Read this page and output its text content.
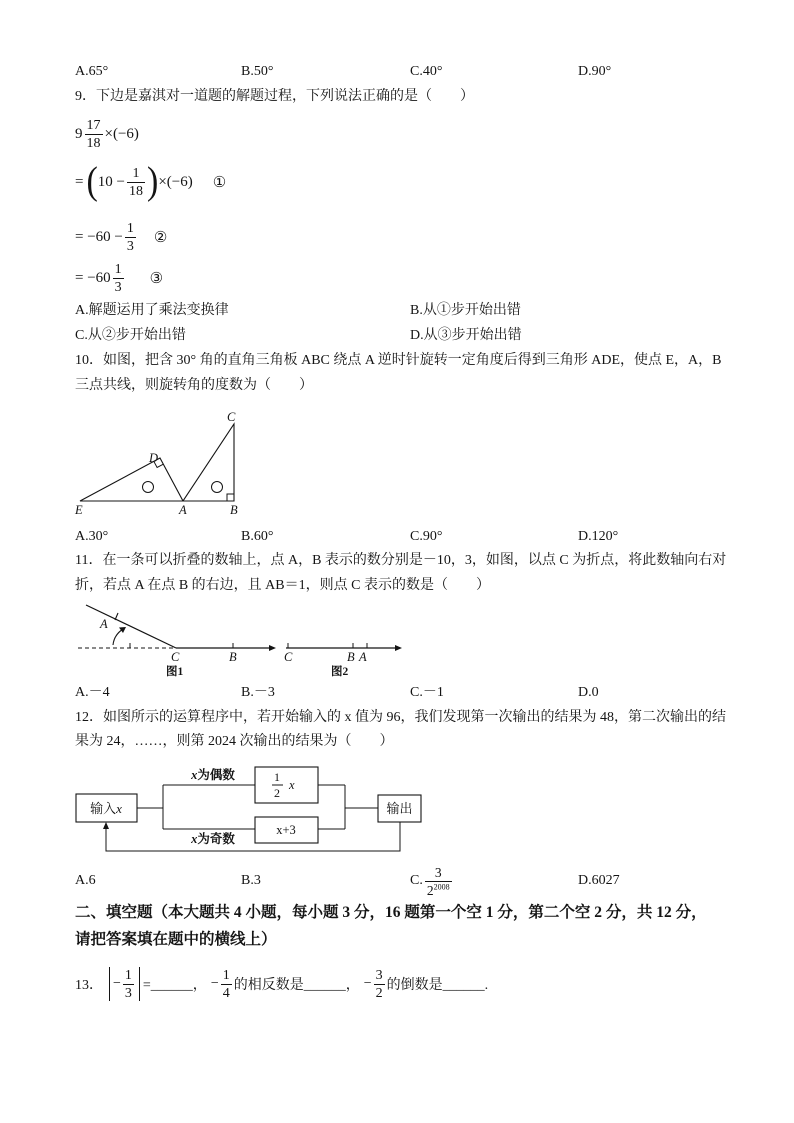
A.65°	B.50°	C.40°	D.90°
9．下边是嘉淇对一道题的解题过程，下列说法正确的是（　　）
$9 \frac{17}{18} \times(-6)$
= ( $10 - \frac{1}{18}$ ) ×(−6) ①
= $-60 - \frac{1}{3}$ ②
= $-60 \frac{1}{3}$ ③
A.解题运用了乘法变换律	B.从①步开始出错
C.从②步开始出错	D.从③步开始出错
10．如图，把含 30° 角的直角三角板 ABC 绕点 A 逆时针旋转一定角度后得到三角形 ADE，使点 E，A，B
三点共线，则旋转角的度数为（　　）
C
D
E	A	B
A.30°	B.60°	C.90°	D.120°
11．在一条可以折叠的数轴上，点 A，B 表示的数分别是－10，3，如图，以点 C 为折点，将此数轴向右对
折，若点 A 在点 B 的右边，且 AB＝1，则点 C 表示的数是（　　）
A
C	B
图1
C	B A
图2
A.－4	B.－3	C.－1	D.0
12．如图所示的运算程序中，若开始输入的 x 值为 96，我们发现第一次输出的结果为 48，第二次输出的结
果为 24，……，则第 2024 次输出的结果为（　　）
输入x
x为偶数	1
2
x
x+3
x为奇数
输出
A.6	B.3	C. $\frac{3}{2^{2008}}$	D.6027
二、填空题（本大题共 4 小题，每小题 3 分，16 题第一个空 1 分，第二个空 2 分，共 12 分，
请把答案填在题中的横线上）
13． − $\frac{1}{3}$ =______， − $\frac{1}{4}$ 的相反数是______， − $\frac{3}{2}$ 的倒数是______.
